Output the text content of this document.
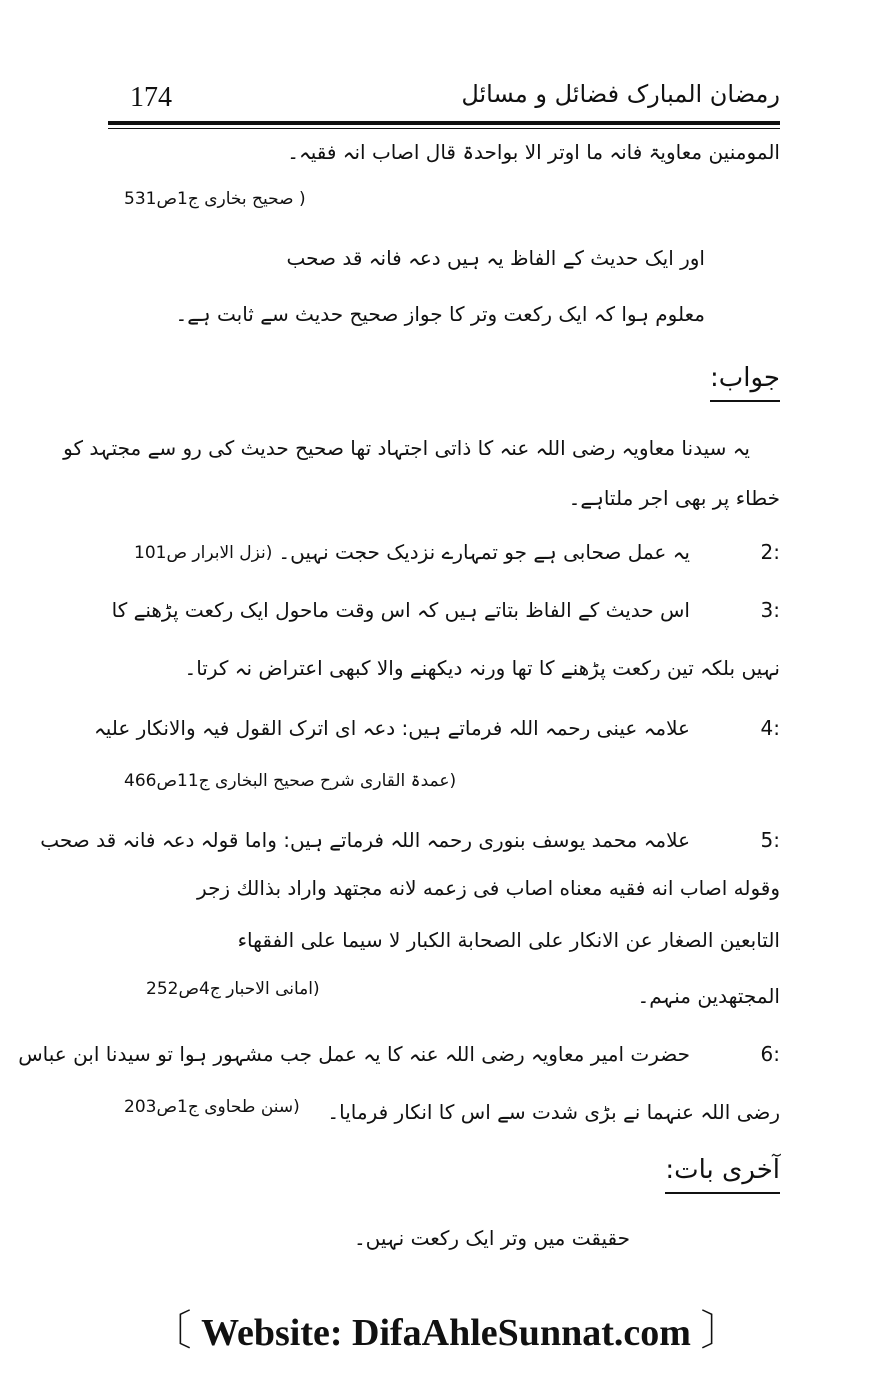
174	رمضان المبارک فضائل و مسائل
المومنین معاویۃ فانہ ما اوتر الا بواحدۃ قال اصاب انہ فقیہ۔
( صحیح بخاری ج1ص531
اور ایک حدیث کے الفاظ یہ ہیں دعہ فانہ قد صحب
معلوم ہوا کہ ایک رکعت وتر کا جواز صحیح حدیث سے ثابت ہے۔
جواب:
یہ سیدنا معاویہ رضی اللہ عنہ کا ذاتی اجتہاد تھا صحیح حدیث کی رو سے مجتہد کو
خطاء پر بھی اجر ملتاہے۔
2:
یہ عمل صحابی ہے جو تمہارے نزدیک حجت نہیں۔
(نزل الابرار ص101
3:
اس حدیث کے الفاظ بتاتے ہیں کہ اس وقت ماحول ایک رکعت پڑھنے کا
نہیں بلکہ تین رکعت پڑھنے کا تھا ورنہ دیکھنے والا کبھی اعتراض نہ کرتا۔
4:
علامہ عینی رحمہ اللہ فرماتے ہیں: دعہ ای اترک القول فیہ والانکار علیہ
(عمدۃ القاری شرح صحیح البخاری ج11ص466
5:
علامہ محمد یوسف بنوری رحمہ اللہ فرماتے ہیں: واما قولہ دعہ فانہ قد صحب
وقوله اصاب انه فقيه معناه اصاب فی زعمه لانه مجتهد واراد بذالك زجر
التابعين الصغار عن الانكار على الصحابة الكبار لا سيما على الفقهاء
المجتهدین منہم۔
(امانی الاحبار ج4ص252
6:
حضرت امیر معاویہ رضی اللہ عنہ کا یہ عمل جب مشہور ہوا تو سیدنا ابن عباس
رضی اللہ عنہما نے بڑی شدت سے اس کا انکار فرمایا۔
(سنن طحاوی ج1ص203
آخری بات:
حقیقت میں وتر ایک رکعت نہیں۔
〔 Website: DifaAhleSunnat.com 〕
